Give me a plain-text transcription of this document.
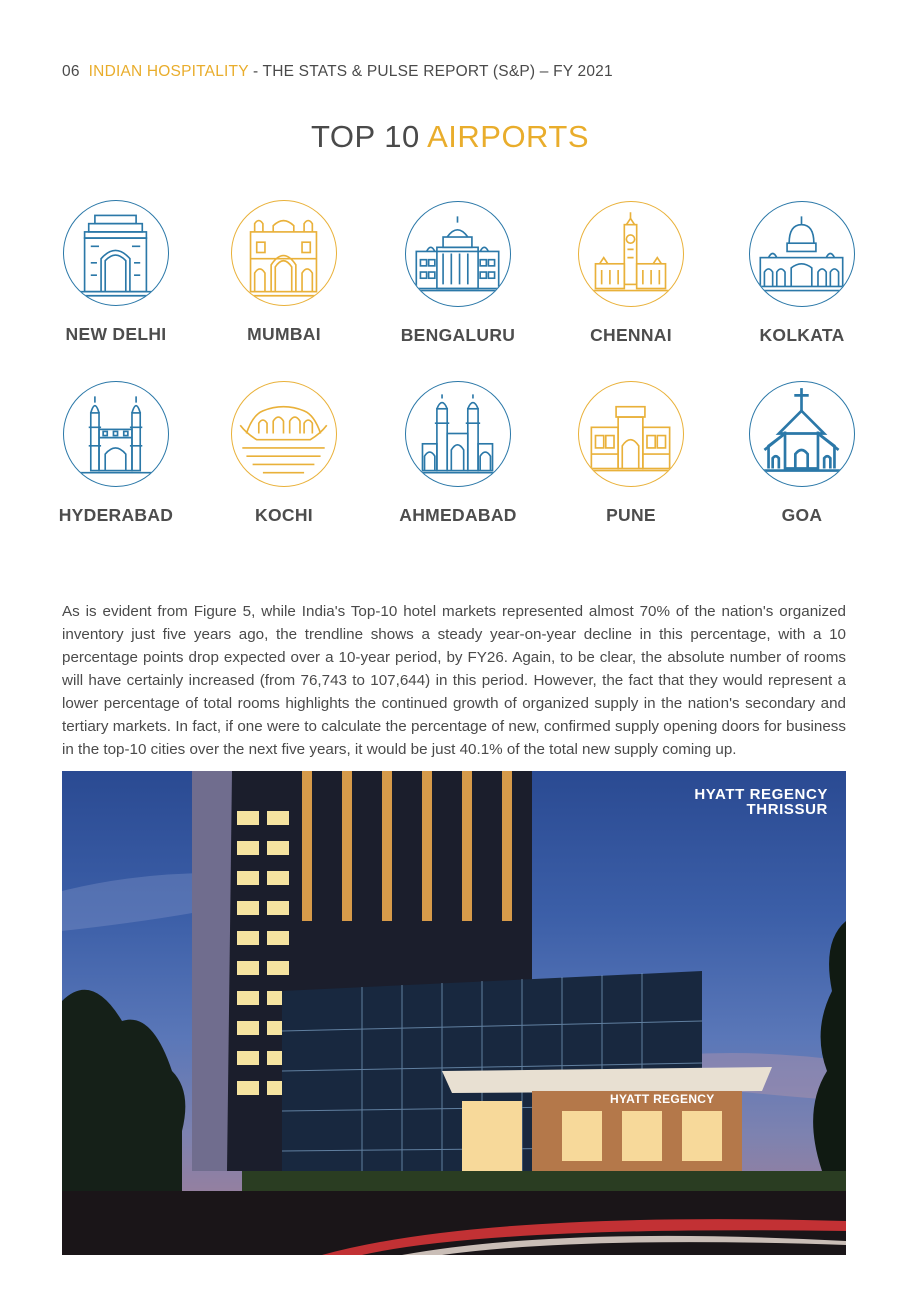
06 INDIAN HOSPITALITY - THE STATS & PULSE REPORT (S&P) – FY 2021
TOP 10 AIRPORTS
NEW DELHI	MUMBAI	BENGALURU	CHENNAI	KOLKATA
HYDERABAD	KOCHI	AHMEDABAD	PUNE	GOA

As is evident from Figure 5, while India's Top-10 hotel markets represented almost 70% of the nation's organized inventory just five years ago, the trendline shows a steady year-on-year decline in this percentage, with a 10 percentage points drop expected over a 10-year period, by FY26. Again, to be clear, the absolute number of rooms will have certainly increased (from 76,743 to 107,644) in this period. However, the fact that they would represent a lower percentage of total rooms highlights the continued growth of organized supply in the nation's secondary and tertiary markets. In fact, if one were to calculate the percentage of new, confirmed supply opening doors for business in the top-10 cities over the next five years, it would be just 40.1% of the total new supply coming up.

HYATT REGENCY
HYATT REGENCY
THRISSUR
